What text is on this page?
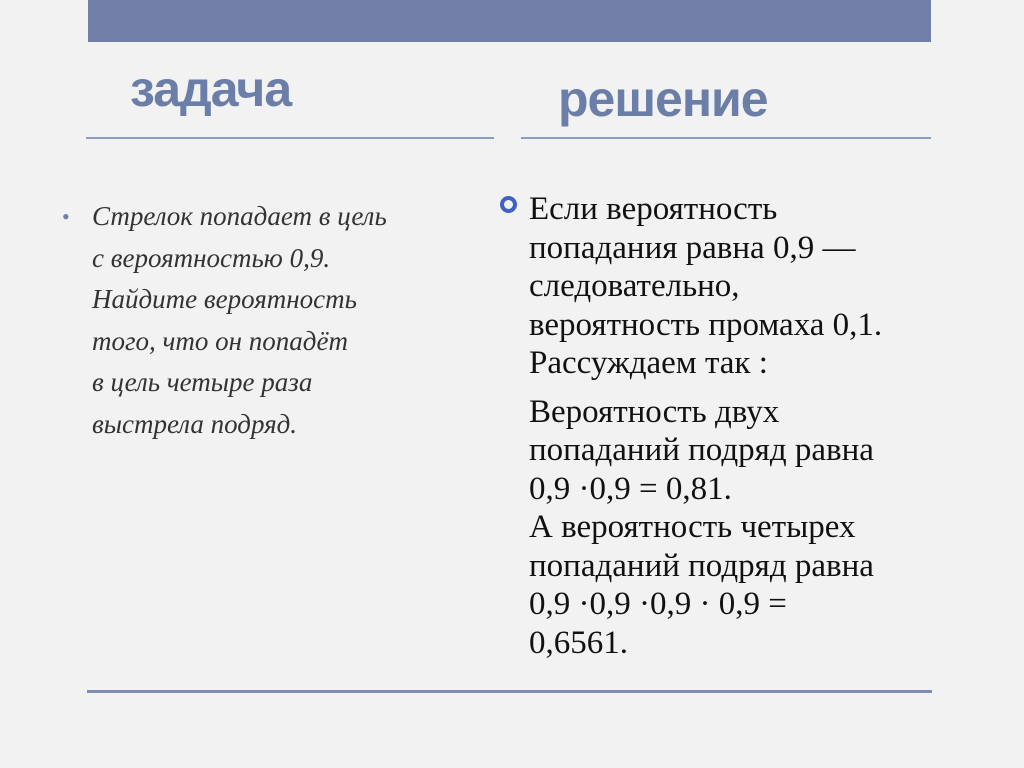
задача	решение
• Стрелок попадает в цель
с вероятностью 0,9.
Найдите вероятность
того, что он попадёт
в цель четыре раза
выстрела подряд.

Если вероятность
попадания равна 0,9 —
следовательно,
вероятность промаха 0,1.
Рассуждаем так :

Вероятность двух
попаданий подряд равна
0,9 ·0,9 = 0,81.
А вероятность четырех
попаданий подряд равна
0,9 ·0,9 ·0,9 · 0,9 =
0,6561.
